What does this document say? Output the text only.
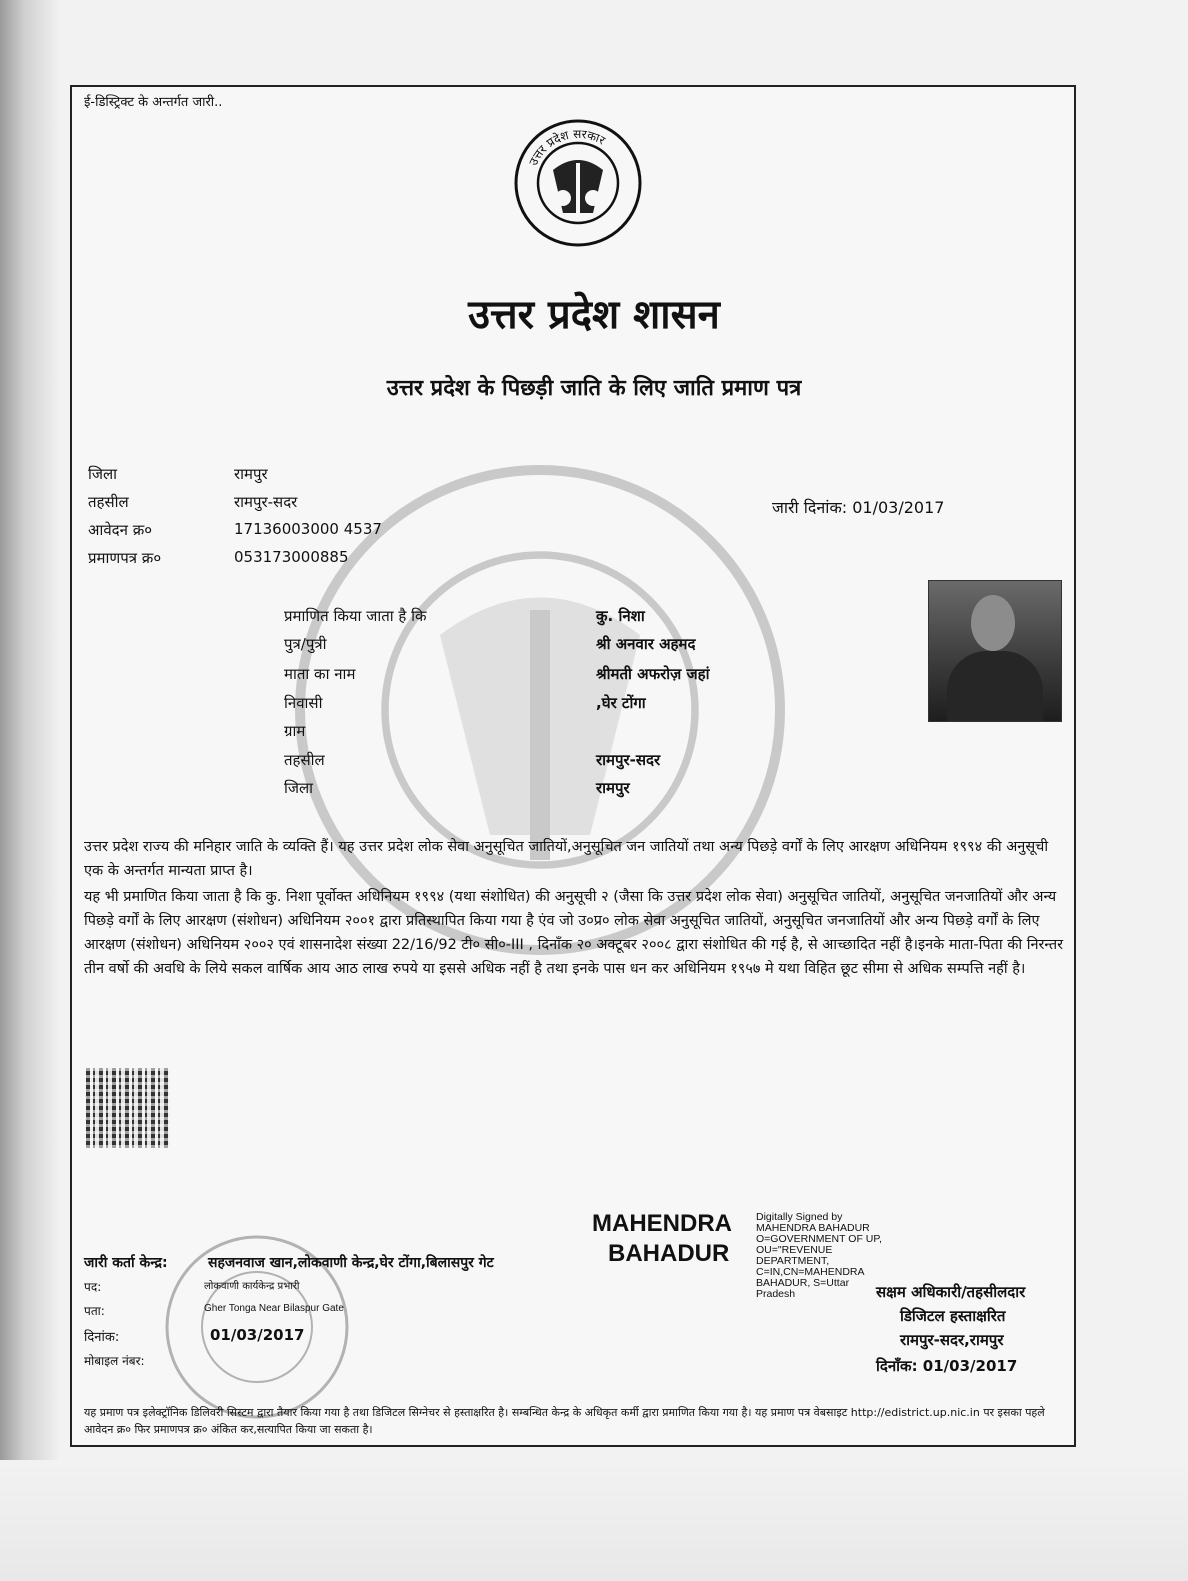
ई-डिस्ट्रिक्ट के अन्तर्गत जारी..
उत्तर प्रदेश सरकार
उत्तर प्रदेश शासन
उत्तर प्रदेश के पिछड़ी जाति के लिए जाति प्रमाण पत्र
जिला	रामपुर
तहसील	रामपुर-सदर
आवेदन क्र०	17136003000 4537
प्रमाणपत्र क्र०	053173000885
जारी दिनांक: 01/03/2017
प्रमाणित किया जाता है कि	कु. निशा
पुत्र/पुत्री	श्री अनवार अहमद
माता का नाम	श्रीमती अफरोज़ जहां
निवासी	,घेर टोंगा
ग्राम
तहसील	रामपुर-सदर
जिला	रामपुर
उत्तर प्रदेश राज्य की मनिहार जाति के व्यक्ति हैं। यह उत्तर प्रदेश लोक सेवा अनुसूचित जातियों,अनुसूचित जन जातियों तथा अन्य पिछड़े वर्गों के लिए आरक्षण अधिनियम १९९४ की अनुसूची एक के अन्तर्गत मान्यता प्राप्त है।
यह भी प्रमाणित किया जाता है कि कु. निशा पूर्वोक्त अधिनियम १९९४ (यथा संशोधित) की अनुसूची २ (जैसा कि उत्तर प्रदेश लोक सेवा) अनुसूचित जातियों, अनुसूचित जनजातियों और अन्य पिछड़े वर्गों के लिए आरक्षण (संशोधन) अधिनियम २००१ द्वारा प्रतिस्थापित किया गया है एंव जो उ०प्र० लोक सेवा अनुसूचित जातियों, अनुसूचित जनजातियों और अन्य पिछड़े वर्गों के लिए आरक्षण (संशोधन) अधिनियम २००२ एवं शासनादेश संख्या 22/16/92 टी० सी०-III , दिनाँक २० अक्टूबर २००८ द्वारा संशोधित की गई है, से आच्छादित नहीं है।इनके माता-पिता की निरन्तर तीन वर्षो की अवधि के लिये सकल वार्षिक आय आठ लाख रुपये या इससे अधिक नहीं है तथा इनके पास धन कर अधिनियम १९५७ मे यथा विहित छूट सीमा से अधिक सम्पत्ति नहीं है।
MAHENDRA
BAHADUR
Digitally Signed by MAHENDRA BAHADUR O=GOVERNMENT OF UP, OU="REVENUE DEPARTMENT, C=IN,CN=MAHENDRA BAHADUR, S=Uttar Pradesh
जारी कर्ता केन्द्र:	सहजनवाज खान,लोकवाणी केन्द्र,घेर टोंगा,बिलासपुर गेट
पद:	लोकवाणी कार्यकेन्द्र प्रभारी
पता:	Gher Tonga Near Bilaspur Gate
दिनांक:	01/03/2017
मोबाइल नंबर:
सक्षम अधिकारी/तहसीलदार
डिजिटल हस्ताक्षरित
रामपुर-सदर,रामपुर
दिनाँक: 01/03/2017
यह प्रमाण पत्र इलेक्ट्रॉनिक डिलिवरी सिस्टम द्वारा तैयार किया गया है तथा डिजिटल सिग्नेचर से हस्ताक्षरित है। सम्बन्धित केन्द्र के अधिकृत कर्मी द्वारा प्रमाणित किया गया है। यह प्रमाण पत्र वेबसाइट http://edistrict.up.nic.in पर इसका पहले आवेदन क्र० फिर प्रमाणपत्र क्र० अंकित कर,सत्यापित किया जा सकता है।
